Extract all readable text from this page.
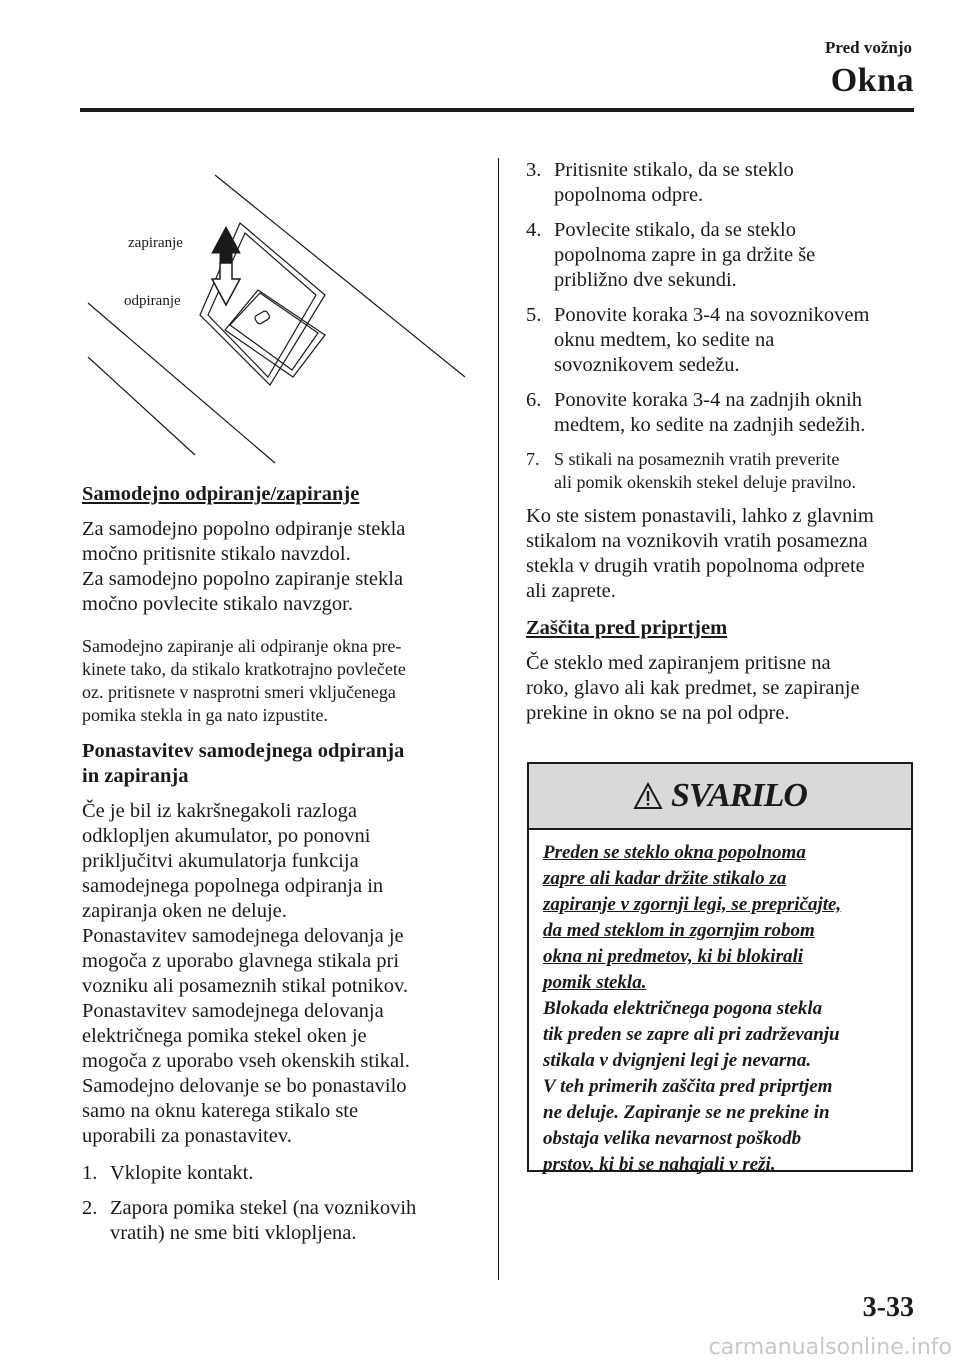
Pred vožnjo
Okna
zapiranje
odpiranje
Samodejno odpiranje/zapiranje
Za samodejno popolno odpiranje stekla
močno pritisnite stikalo navzdol.
Za samodejno popolno zapiranje stekla
močno povlecite stikalo navzgor.
Samodejno zapiranje ali odpiranje okna pre-
kinete tako, da stikalo kratkotrajno povlečete
oz. pritisnete v nasprotni smeri vključenega
pomika stekla in ga nato izpustite.
Ponastavitev samodejnega odpiranja
in zapiranja
Če je bil iz kakršnegakoli razloga
odklopljen akumulator, po ponovni
priključitvi akumulatorja funkcija
samodejnega popolnega odpiranja in
zapiranja oken ne deluje.
Ponastavitev samodejnega delovanja je
mogoča z uporabo glavnega stikala pri
vozniku ali posameznih stikal potnikov.
Ponastavitev samodejnega delovanja
električnega pomika stekel oken je
mogoča z uporabo vseh okenskih stikal.
Samodejno delovanje se bo ponastavilo
samo na oknu katerega stikalo ste
uporabili za ponastavitev.
1. Vklopite kontakt.
2. Zapora pomika stekel (na voznikovih
vratih) ne sme biti vklopljena.
3. Pritisnite stikalo, da se steklo
popolnoma odpre.
4. Povlecite stikalo, da se steklo
popolnoma zapre in ga držite še
približno dve sekundi.
5. Ponovite koraka 3-4 na sovoznikovem
oknu medtem, ko sedite na
sovoznikovem sedežu.
6. Ponovite koraka 3-4 na zadnjih oknih
medtem, ko sedite na zadnjih sedežih.
7. S stikali na posameznih vratih preverite
ali pomik okenskih stekel deluje pravilno.
Ko ste sistem ponastavili, lahko z glavnim
stikalom na voznikovih vratih posamezna
stekla v drugih vratih popolnoma odprete
ali zaprete.
Zaščita pred priprtjem
Če steklo med zapiranjem pritisne na
roko, glavo ali kak predmet, se zapiranje
prekine in okno se na pol odpre.
SVARILO
Preden se steklo okna popolnoma
zapre ali kadar držite stikalo za
zapiranje v zgornji legi, se prepričajte,
da med steklom in zgornjim robom
okna ni predmetov, ki bi blokirali
pomik stekla.
Blokada električnega pogona stekla
tik preden se zapre ali pri zadrževanju
stikala v dvignjeni legi je nevarna.
V teh primerih zaščita pred priprtjem
ne deluje. Zapiranje se ne prekine in
obstaja velika nevarnost poškodb
prstov, ki bi se nahajali v reži.
3-33
carmanualsonline.info
